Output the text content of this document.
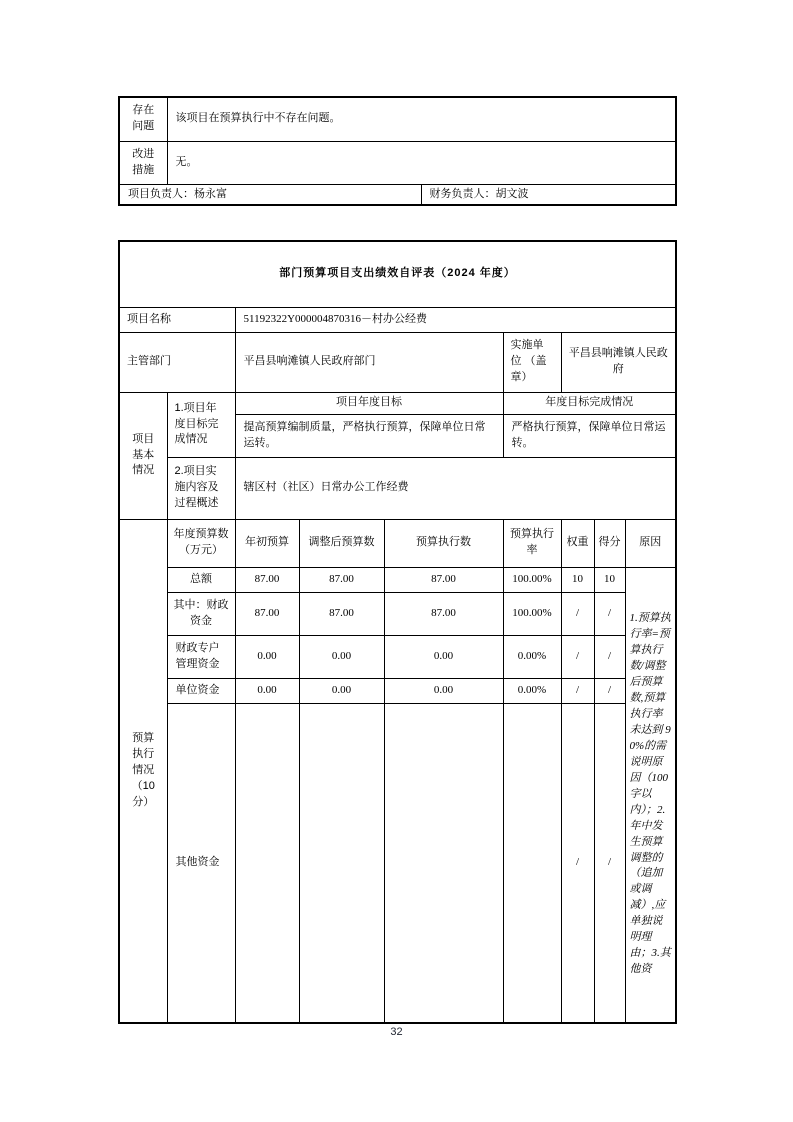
存在问题	该项目在预算执行中不存在问题。	
改进措施	无。	
项目负责人：杨永富		财务负责人：胡文波
部门预算项目支出绩效自评表（2024 年度）								
项目名称		51192322Y000004870316－村办公经费						
主管部门		平昌县响滩镇人民政府部门			实施单位 （盖章）	平昌县响滩镇人民政府		
项目基本情况	1.项目年度目标完成情况	项目年度目标			年度目标完成情况			
		提高预算编制质量，严格执行预算，保障单位日常运转。			严格执行预算，保障单位日常运转。			
	2.项目实施内容及过程概述	辖区村（社区）日常办公工作经费						
预算执行情况（10分）	年度预算数（万元）	年初预算	调整后预算数	预算执行数	预算执行率	权重	得分	原因
	总额	87.00	87.00	87.00	100.00%	10	10	1.预算执行率=预算执行数/调整后预算数,预算执行率未达到 90%的需说明原因（100 字以内）；2.年中发生预算调整的（追加或调减）,应单独说明理由；3.其他资
	其中：财政资金	87.00	87.00	87.00	100.00%	/	/	
	财政专户管理资金	0.00	0.00	0.00	0.00%	/	/	
	单位资金	0.00	0.00	0.00	0.00%	/	/	
	其他资金					/	/	
32
